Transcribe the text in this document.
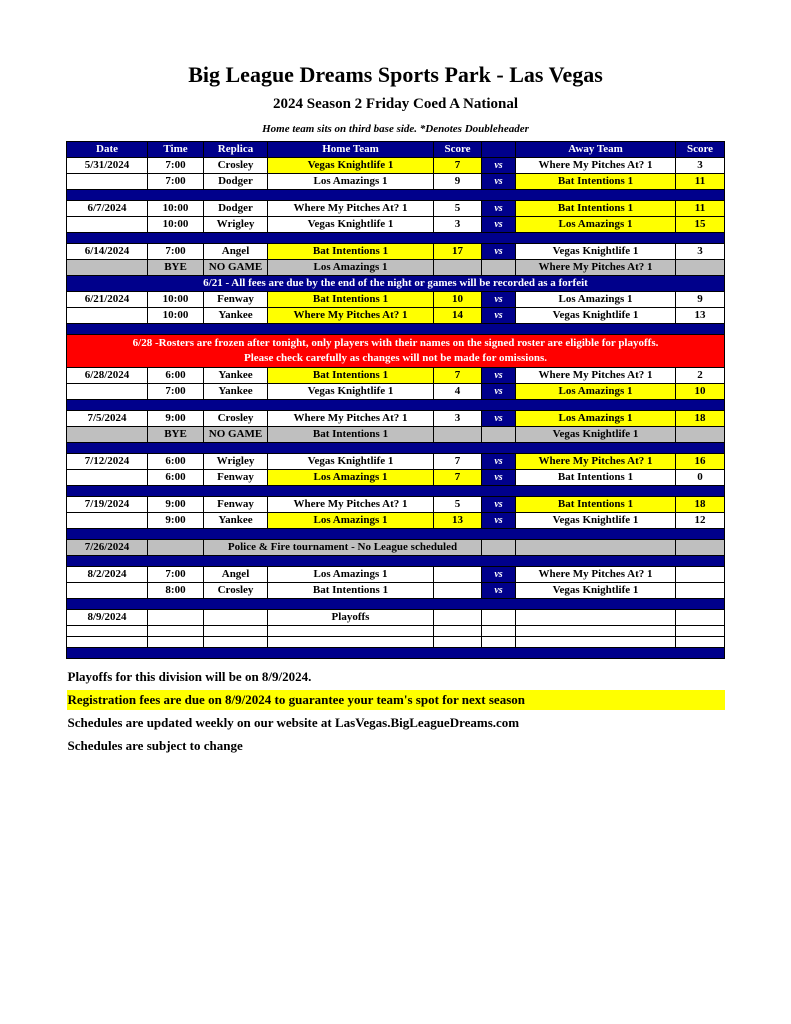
Big League Dreams Sports Park - Las Vegas
2024 Season 2 Friday Coed A National
Home team sits on third base side. *Denotes Doubleheader
Date	Time	Replica	Home Team	Score		Away Team	Score
5/31/2024	7:00	Crosley	Vegas Knightlife 1	7	vs	Where My Pitches At? 1	3
	7:00	Dodger	Los Amazings 1	9	vs	Bat Intentions 1	11

6/7/2024	10:00	Dodger	Where My Pitches At? 1	5	vs	Bat Intentions 1	11
	10:00	Wrigley	Vegas Knightlife 1	3	vs	Los Amazings 1	15

6/14/2024	7:00	Angel	Bat Intentions 1	17	vs	Vegas Knightlife 1	3
	BYE	NO GAME	Los Amazings 1			Where My Pitches At? 1	
6/21 - All fees are due by the end of the night or games will be recorded as a forfeit							
6/21/2024	10:00	Fenway	Bat Intentions 1	10	vs	Los Amazings 1	9
	10:00	Yankee	Where My Pitches At? 1	14	vs	Vegas Knightlife 1	13

6/28 -Rosters are frozen after tonight, only players with their names on the signed roster are eligible for playoffs.
Please check carefully as changes will not be made for omissions.							

6/28/2024	6:00	Yankee	Bat Intentions 1	7	vs	Where My Pitches At? 1	2
	7:00	Yankee	Vegas Knightlife 1	4	vs	Los Amazings 1	10

7/5/2024	9:00	Crosley	Where My Pitches At? 1	3	vs	Los Amazings 1	18
	BYE	NO GAME	Bat Intentions 1			Vegas Knightlife 1	

7/12/2024	6:00	Wrigley	Vegas Knightlife 1	7	vs	Where My Pitches At? 1	16
	6:00	Fenway	Los Amazings 1	7	vs	Bat Intentions 1	0

7/19/2024	9:00	Fenway	Where My Pitches At? 1	5	vs	Bat Intentions 1	18
	9:00	Yankee	Los Amazings 1	13	vs	Vegas Knightlife 1	12

7/26/2024		Police & Fire tournament - No League scheduled					

8/2/2024	7:00	Angel	Los Amazings 1		vs	Where My Pitches At? 1	
	8:00	Crosley	Bat Intentions 1		vs	Vegas Knightlife 1	

8/9/2024			Playoffs				

Playoffs for this division will be on 8/9/2024.
Registration fees are due on 8/9/2024 to guarantee your team's spot for next season
Schedules are updated weekly on our website at LasVegas.BigLeagueDreams.com
Schedules are subject to change
